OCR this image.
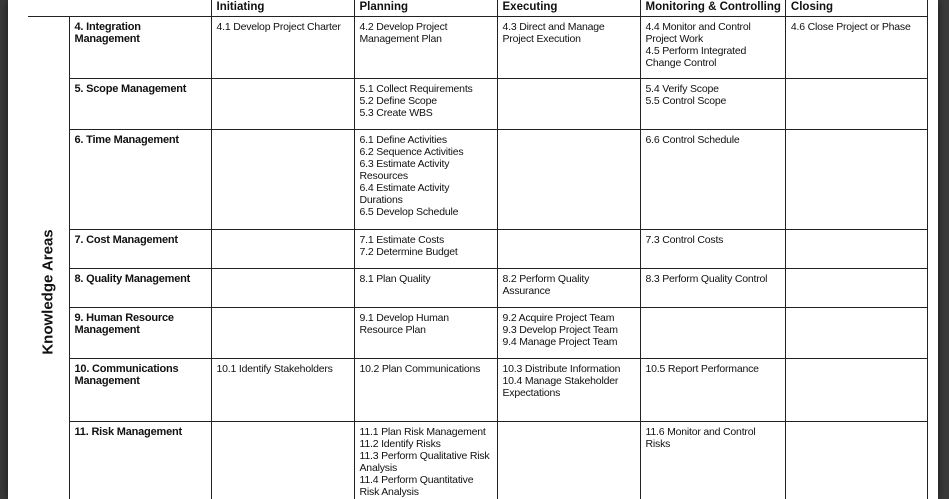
		Initiating	Planning	Executing	Monitoring & Controlling	Closing

Knowledge Areas	4. Integration Management	4.1 Develop Project Charter	4.2 Develop Project Management Plan	4.3 Direct and Manage Project Execution	4.4 Monitor and Control Project Work
4.5 Perform Integrated Change Control	4.6 Close Project or Phase

	5. Scope Management		5.1 Collect Requirements
5.2 Define Scope
5.3 Create WBS		5.4 Verify Scope
5.5 Control Scope	

	6. Time Management		6.1 Define Activities
6.2 Sequence Activities
6.3 Estimate Activity Resources
6.4 Estimate Activity Durations
6.5 Develop Schedule		6.6 Control Schedule	

	7. Cost Management		7.1 Estimate Costs
7.2 Determine Budget		7.3 Control Costs	

	8. Quality Management		8.1 Plan Quality	8.2 Perform Quality Assurance	8.3 Perform Quality Control	

	9. Human Resource Management		9.1 Develop Human Resource Plan	9.2 Acquire Project Team
9.3 Develop Project Team
9.4 Manage Project Team		

	10. Communications Management	10.1 Identify Stakeholders	10.2 Plan Communications	10.3 Distribute Information
10.4 Manage Stakeholder Expectations	10.5 Report Performance	

	11. Risk Management		11.1 Plan Risk Management
11.2 Identify Risks
11.3 Perform Qualitative Risk Analysis
11.4 Perform Quantitative Risk Analysis		11.6 Monitor and Control Risks	
